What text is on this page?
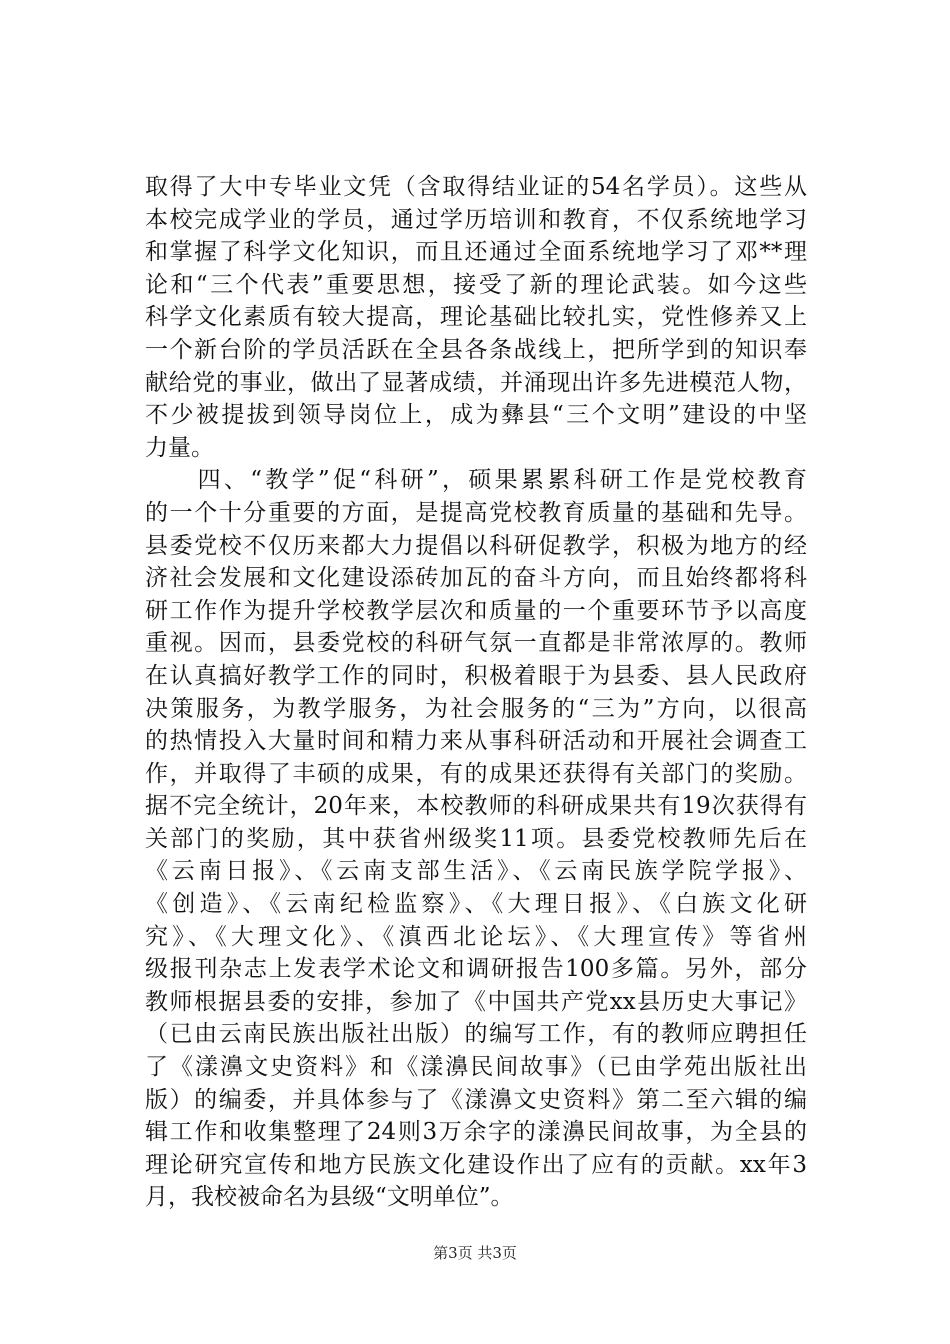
取得了大中专毕业文凭（含取得结业证的54名学员）。这些从
本校完成学业的学员，通过学历培训和教育，不仅系统地学习
和掌握了科学文化知识，而且还通过全面系统地学习了邓**理
论和“三个代表”重要思想，接受了新的理论武装。如今这些
科学文化素质有较大提高，理论基础比较扎实，党性修养又上
一个新台阶的学员活跃在全县各条战线上，把所学到的知识奉
献给党的事业，做出了显著成绩，并涌现出许多先进模范人物，
不少被提拔到领导岗位上，成为彝县“三个文明”建设的中坚
力量。
　　四、“教学”促“科研”，硕果累累科研工作是党校教育
的一个十分重要的方面，是提高党校教育质量的基础和先导。
县委党校不仅历来都大力提倡以科研促教学，积极为地方的经
济社会发展和文化建设添砖加瓦的奋斗方向，而且始终都将科
研工作作为提升学校教学层次和质量的一个重要环节予以高度
重视。因而，县委党校的科研气氛一直都是非常浓厚的。教师
在认真搞好教学工作的同时，积极着眼于为县委、县人民政府
决策服务，为教学服务，为社会服务的“三为”方向，以很高
的热情投入大量时间和精力来从事科研活动和开展社会调查工
作，并取得了丰硕的成果，有的成果还获得有关部门的奖励。
据不完全统计，20年来，本校教师的科研成果共有19次获得有
关部门的奖励，其中获省州级奖11项。县委党校教师先后在
《云南日报》、《云南支部生活》、《云南民族学院学报》、
《创造》、《云南纪检监察》、《大理日报》、《白族文化研
究》、《大理文化》、《滇西北论坛》、《大理宣传》等省州
级报刊杂志上发表学术论文和调研报告100多篇。另外，部分
教师根据县委的安排，参加了《中国共产党xx县历史大事记》
（已由云南民族出版社出版）的编写工作，有的教师应聘担任
了《漾濞文史资料》和《漾濞民间故事》（已由学苑出版社出
版）的编委，并具体参与了《漾濞文史资料》第二至六辑的编
辑工作和收集整理了24则3万余字的漾濞民间故事，为全县的
理论研究宣传和地方民族文化建设作出了应有的贡献。xx年3
月，我校被命名为县级“文明单位”。
第3页 共3页
